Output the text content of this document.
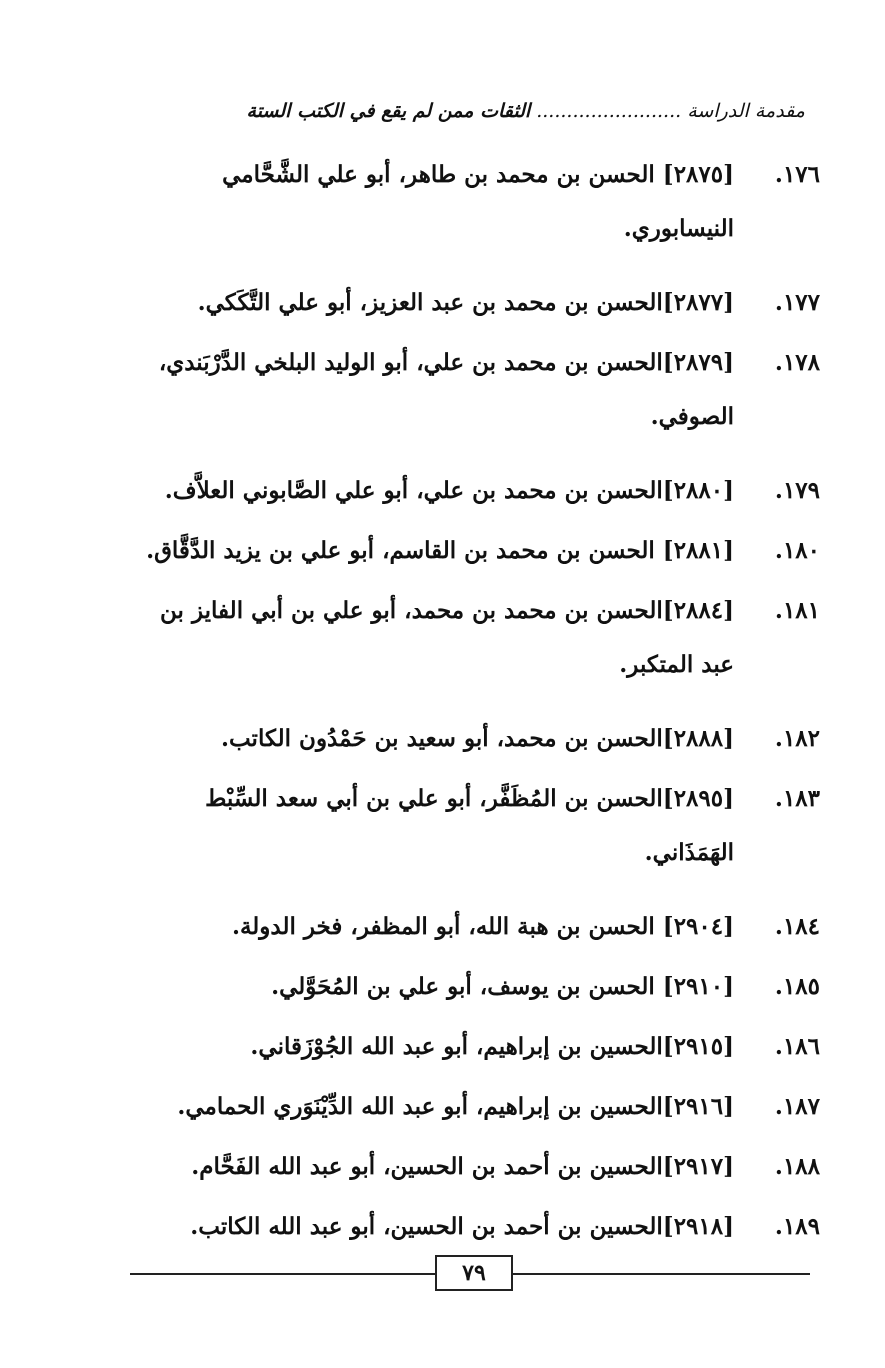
مقدمة الدراسة ........................ الثقات ممن لم يقع في الكتب الستة
١٧٦.
[٢٨٧٥] الحسن بن محمد بن طاهر، أبو علي الشَّحَّامي النيسابوري.
١٧٧.
[٢٨٧٧]الحسن بن محمد بن عبد العزيز، أبو علي التَّكَكي.
١٧٨.
[٢٨٧٩]الحسن بن محمد بن علي، أبو الوليد البلخي الدَّرْبَندي، الصوفي.
١٧٩.
[٢٨٨٠]الحسن بن محمد بن علي، أبو علي الصَّابوني العلاَّف.
١٨٠.
[٢٨٨١] الحسن بن محمد بن القاسم، أبو علي بن يزيد الدَّقَّاق.
١٨١.
[٢٨٨٤]الحسن بن محمد بن محمد، أبو علي بن أبي الفايز بن عبد المتكبر.
١٨٢.
[٢٨٨٨]الحسن بن محمد، أبو سعيد بن حَمْدُون الكاتب.
١٨٣.
[٢٨٩٥]الحسن بن المُظَفَّر، أبو علي بن أبي سعد السِّبْط الهَمَذَاني.
١٨٤.
[٢٩٠٤] الحسن بن هبة الله، أبو المظفر، فخر الدولة.
١٨٥.
[٢٩١٠] الحسن بن يوسف، أبو علي بن المُحَوَّلي.
١٨٦.
[٢٩١٥]الحسين بن إبراهيم، أبو عبد الله الجُوْزَقاني.
١٨٧.
[٢٩١٦]الحسين بن إبراهيم، أبو عبد الله الدِّيْنَوَري الحمامي.
١٨٨.
[٢٩١٧]الحسين بن أحمد بن الحسين، أبو عبد الله الفَحَّام.
١٨٩.
[٢٩١٨]الحسين بن أحمد بن الحسين، أبو عبد الله الكاتب.
٧٩
